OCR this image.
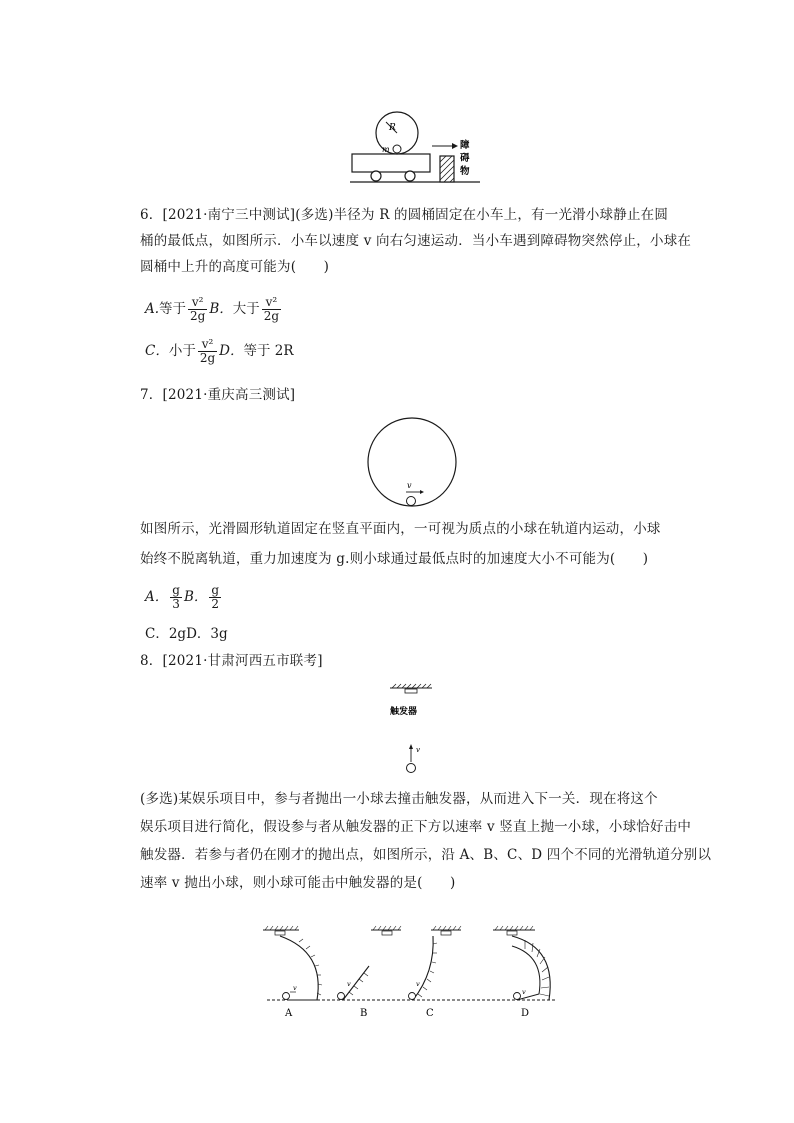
R
m	障
碍
物
6．[2021·南宁三中测试](多选)半径为 R 的圆桶固定在小车上，有一光滑小球静止在圆
桶的最低点，如图所示．小车以速度 v 向右匀速运动．当小车遇到障碍物突然停止，小球在
圆桶中上升的高度可能为(　　)
A.等于 $\frac{\text{v²}}{2g}$ B．大于 $\frac{\text{v²}}{2g}$
C．小于 $\frac{\text{v²}}{2g}$ D．等于 2R
7．[2021·重庆高三测试]
v
如图所示，光滑圆形轨道固定在竖直平面内，一可视为质点的小球在轨道内运动，小球
始终不脱离轨道，重力加速度为 g.则小球通过最低点时的加速度大小不可能为(　　)
A． $\frac{g}{3}$ B． $\frac{g}{2}$
C．2gD．3g
8．[2021·甘肃河西五市联考]
触发器
v
(多选)某娱乐项目中，参与者抛出一小球去撞击触发器，从而进入下一关．现在将这个
娱乐项目进行简化，假设参与者从触发器的正下方以速率 v 竖直上抛一小球，小球恰好击中
触发器．若参与者仍在刚才的抛出点，如图所示，沿 A、B、C、D 四个不同的光滑轨道分别以
速率 v 抛出小球，则小球可能击中触发器的是(　　)
v
A
v
B
v
C
v
D
